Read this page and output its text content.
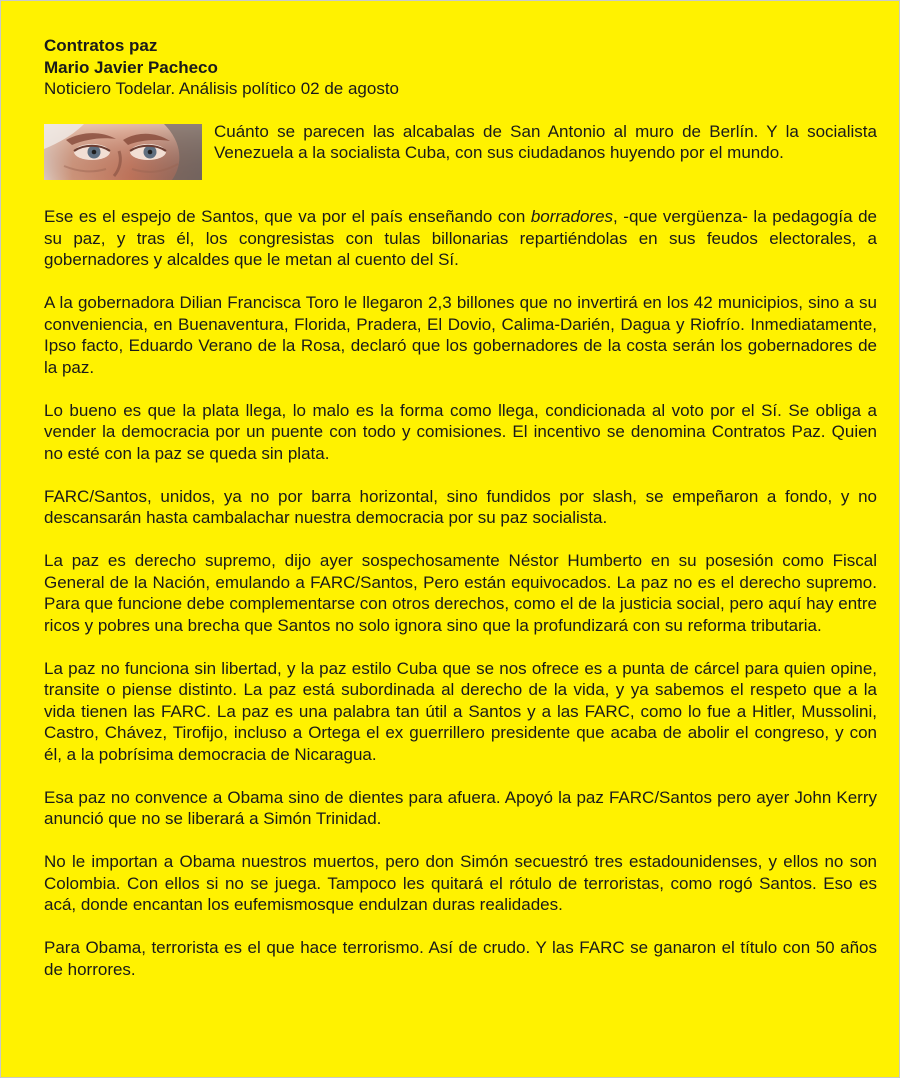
Contratos paz
Mario Javier Pacheco
Noticiero Todelar. Análisis político 02 de agosto

Cuánto se parecen las alcabalas de San Antonio al muro de Berlín. Y la socialista Venezuela a la socialista Cuba, con sus ciudadanos huyendo por el mundo.

Ese es el espejo de Santos, que va por el país enseñando con borradores, -que vergüenza- la pedagogía de su paz, y tras él, los congresistas con tulas billonarias repartiéndolas en sus feudos electorales, a gobernadores y alcaldes que le metan al cuento del Sí.

A la gobernadora Dilian Francisca Toro le llegaron 2,3 billones que no invertirá en los 42 municipios, sino a su conveniencia, en Buenaventura, Florida, Pradera, El Dovio, Calima-Darién, Dagua y Riofrío. Inmediatamente, Ipso facto, Eduardo Verano de la Rosa, declaró que los gobernadores de la costa serán los gobernadores de la paz.

Lo bueno es que la plata llega, lo malo es la forma como llega, condicionada al voto por el Sí. Se obliga a vender la democracia por un puente con todo y comisiones. El incentivo se denomina Contratos Paz. Quien no esté con la paz se queda sin plata.

FARC/Santos, unidos, ya no por barra horizontal, sino fundidos por slash, se empeñaron a fondo, y no descansarán hasta cambalachar nuestra democracia por su paz socialista.

La paz es derecho supremo, dijo ayer sospechosamente Néstor Humberto en su posesión como Fiscal General de la Nación, emulando a FARC/Santos, Pero están equivocados. La paz no es el derecho supremo. Para que funcione debe complementarse con otros derechos, como el de la justicia social, pero aquí hay entre ricos y pobres una brecha que Santos no solo ignora sino que la profundizará con su reforma tributaria.

La paz no funciona sin libertad, y la paz estilo Cuba que se nos ofrece es a punta de cárcel para quien opine, transite o piense distinto. La paz está subordinada al derecho de la vida, y ya sabemos el respeto que a la vida tienen las FARC. La paz es una palabra tan útil a Santos y a las FARC, como lo fue a Hitler, Mussolini, Castro, Chávez, Tirofijo, incluso a Ortega el ex guerrillero presidente que acaba de abolir el congreso, y con él, a la pobrísima democracia de Nicaragua.

Esa paz no convence a Obama sino de dientes para afuera. Apoyó la paz FARC/Santos pero ayer John Kerry anunció que no se liberará a Simón Trinidad.

No le importan a Obama nuestros muertos, pero don Simón secuestró tres estadounidenses, y ellos no son Colombia. Con ellos si no se juega. Tampoco les quitará el rótulo de terroristas, como rogó Santos. Eso es acá, donde encantan los eufemismosque endulzan duras realidades.

Para Obama, terrorista es el que hace terrorismo. Así de crudo. Y las FARC se ganaron el título con 50 años de horrores.
